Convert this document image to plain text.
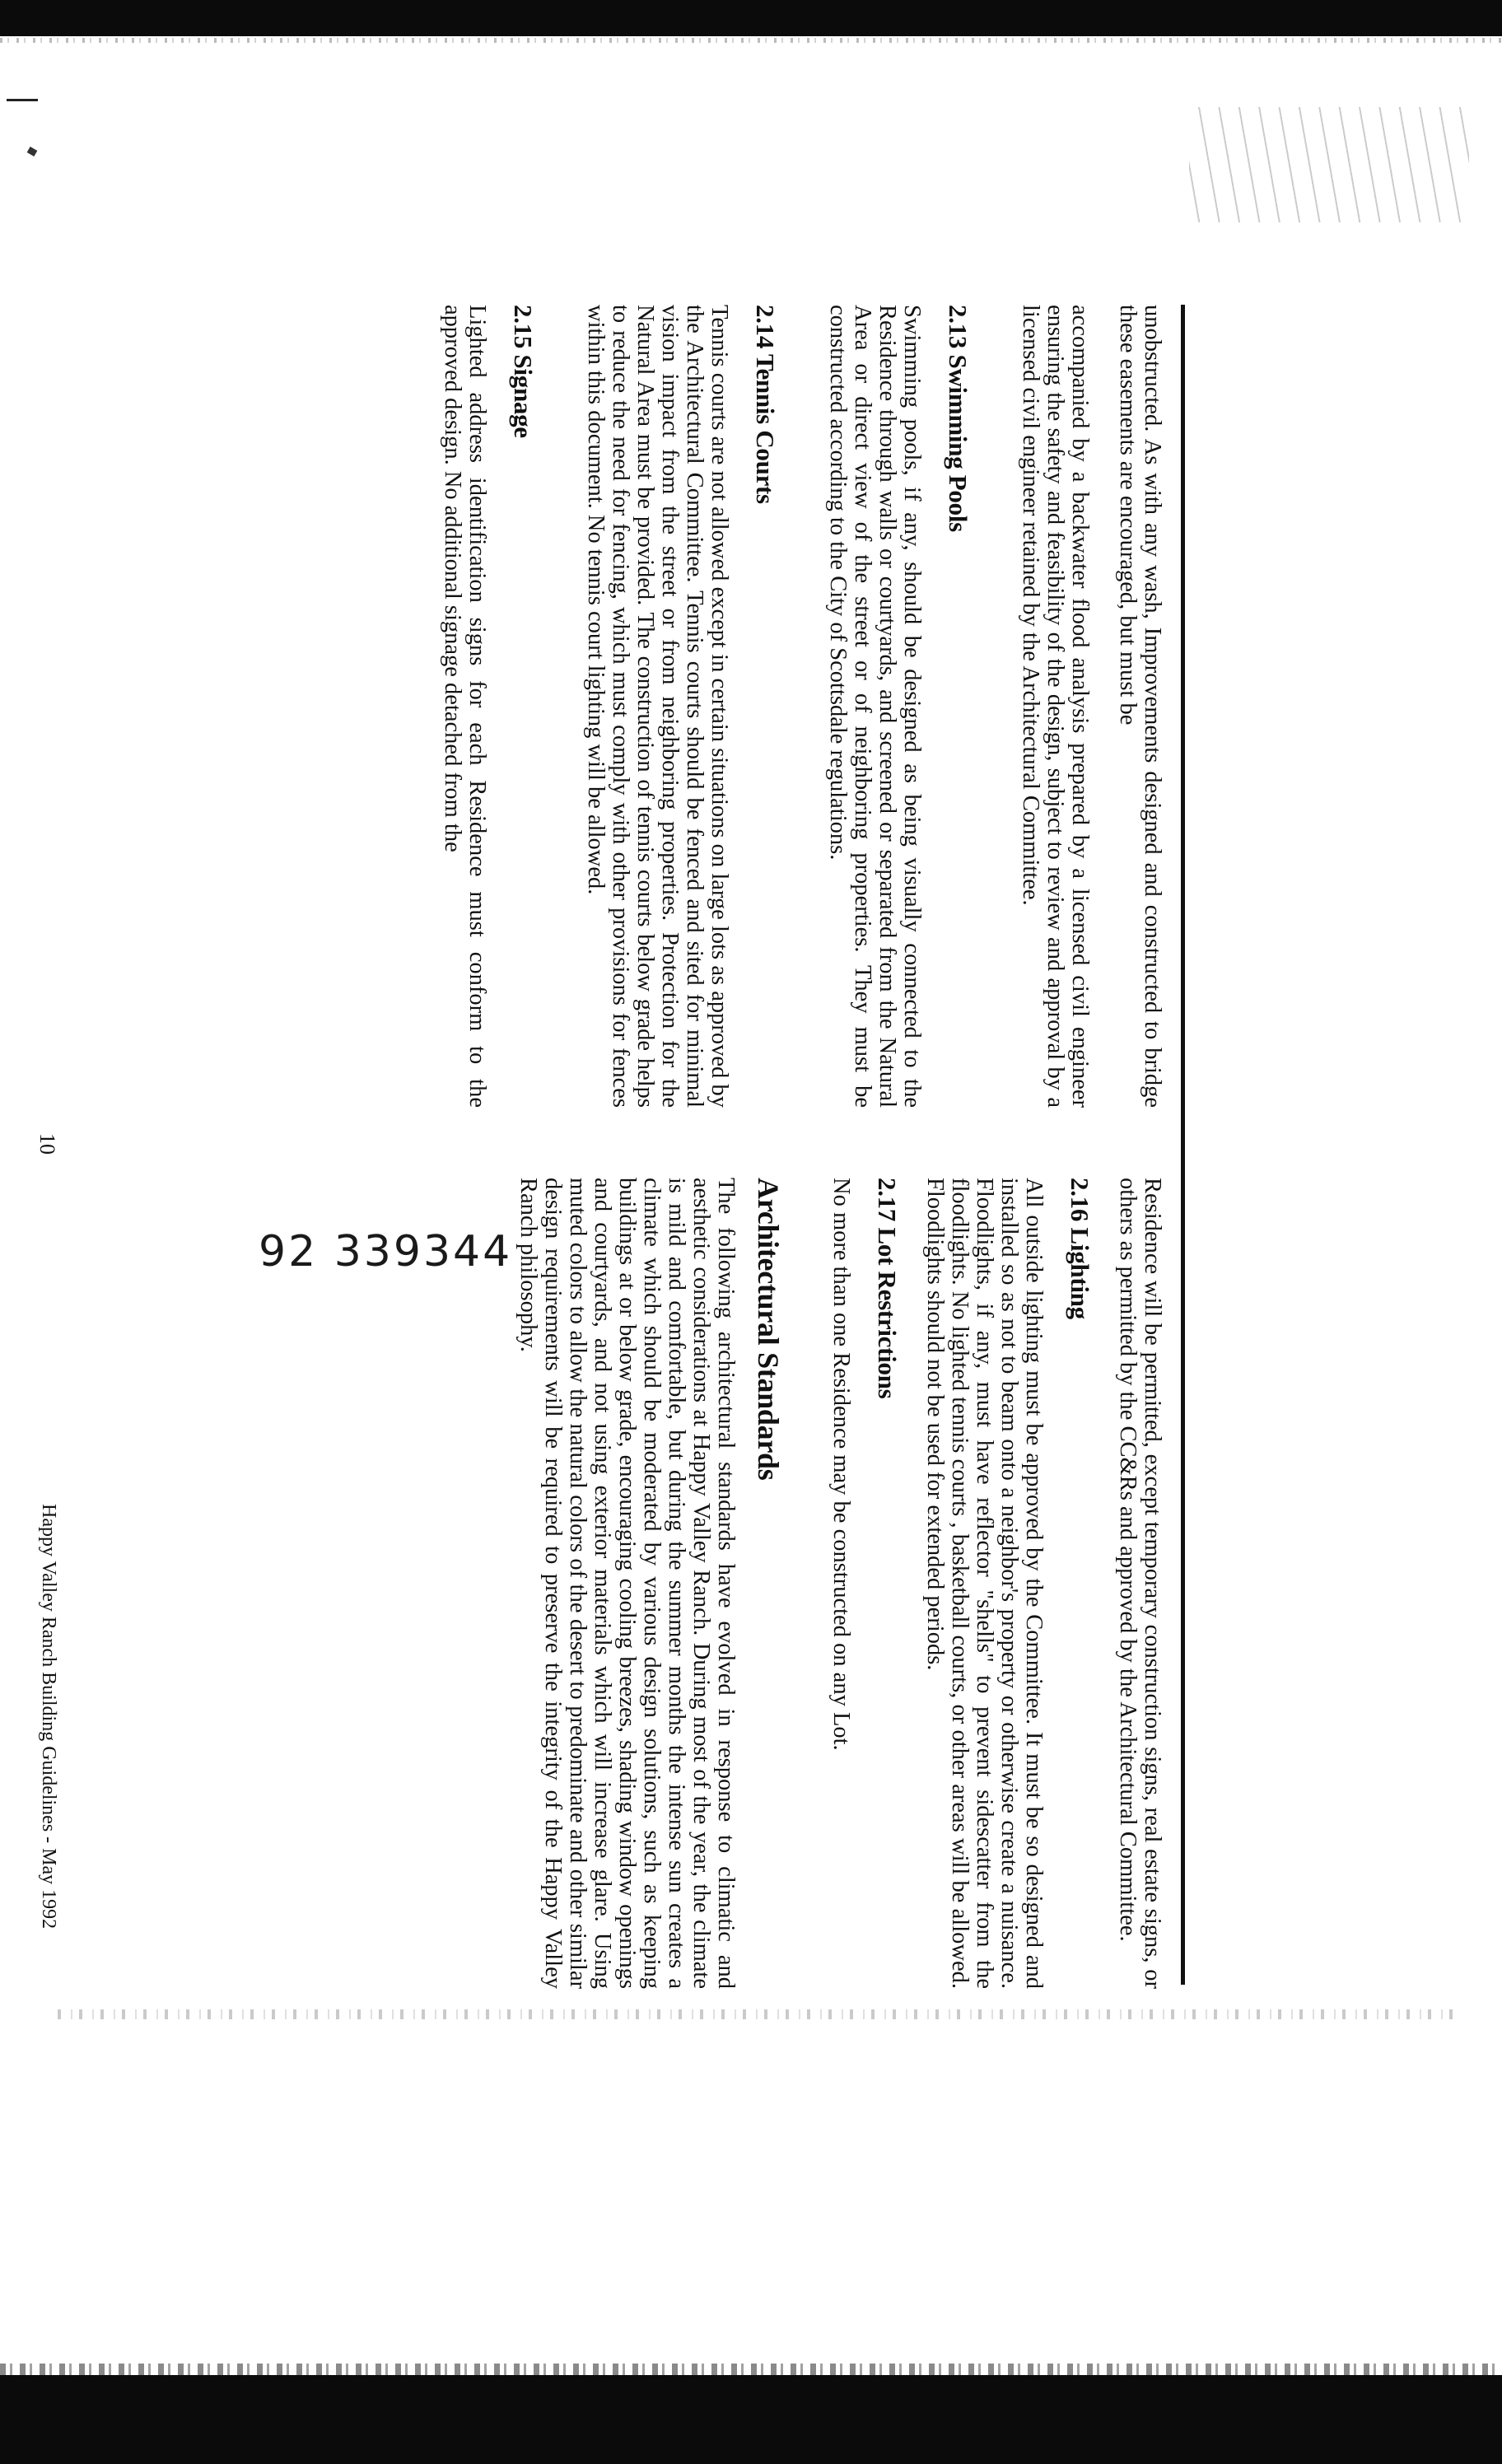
92 339344

unobstructed. As with any wash, Improvements designed and constructed to bridge these easements are encouraged, but must be

accompanied by a backwater flood analysis prepared by a licensed civil engineer ensuring the safety and feasibility of the design, subject to review and approval by a licensed civil engineer retained by the Architectural Committee.

2.13 Swimming Pools

Swimming pools, if any, should be designed as being visually connected to the Residence through walls or courtyards, and screened or separated from the Natural Area or direct view of the street or of neighboring properties. They must be constructed according to the City of Scottsdale regulations.

2.14 Tennis Courts

Tennis courts are not allowed except in certain situations on large lots as approved by the Architectural Committee. Tennis courts should be fenced and sited for minimal vision impact from the street or from neighboring properties. Protection for the Natural Area must be provided. The construction of tennis courts below grade helps to reduce the need for fencing, which must comply with other provisions for fences within this document. No tennis court lighting will be allowed.

2.15 Signage

Lighted address identification signs for each Residence must conform to the approved design. No additional signage detached from the

Residence will be permitted, except temporary construction signs, real estate signs, or others as permitted by the CC&Rs and approved by the Architectural Committee.

2.16 Lighting

All outside lighting must be approved by the Committee. It must be so designed and installed so as not to beam onto a neighbor's property or otherwise create a nuisance. Floodlights, if any, must have reflector "shells" to prevent sidescatter from the floodlights. No lighted tennis courts , basketball courts, or other areas will be allowed. Floodlights should not be used for extended periods.

2.17 Lot Restrictions

No more than one Residence may be constructed on any Lot.

Architectural Standards

The following architectural standards have evolved in response to climatic and aesthetic considerations at Happy Valley Ranch. During most of the year, the climate is mild and comfortable, but during the summer months the intense sun creates a climate which should be moderated by various design solutions, such as keeping buildings at or below grade, encouraging cooling breezes, shading window openings and courtyards, and not using exterior materials which will increase glare. Using muted colors to allow the natural colors of the desert to predominate and other similar design requirements will be required to preserve the integrity of the Happy Valley Ranch philosophy.

10
Happy Valley Ranch Building Guidelines - May 1992
